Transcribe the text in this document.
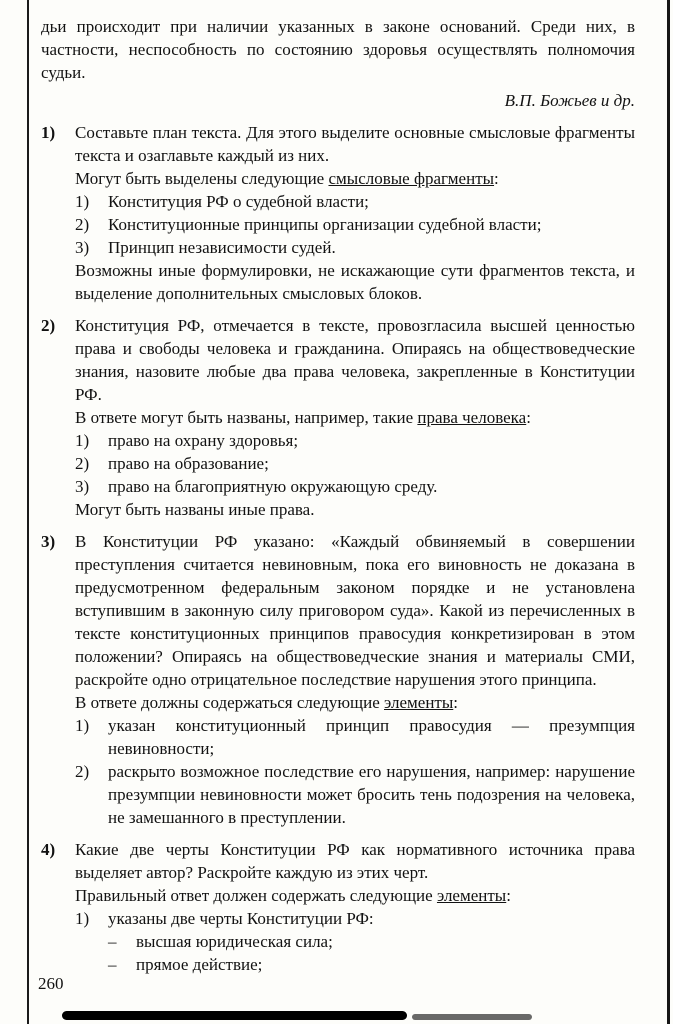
дьи происходит при наличии указанных в законе оснований. Среди них, в частности, неспособность по состоянию здоровья осуществлять полномочия судьи.

В.П. Божьев и др.

1)	Составьте план текста. Для этого выделите основные смысловые фрагменты текста и озаглавьте каждый из них.

Могут быть выделены следующие смысловые фрагменты:

1)	Конституция РФ о судебной власти;
2)	Конституционные принципы организации судебной власти;
3)	Принцип независимости судей.

Возможны иные формулировки, не искажающие сути фрагментов текста, и выделение дополнительных смысловых блоков.

2)	Конституция РФ, отмечается в тексте, провозгласила высшей ценностью права и свободы человека и гражданина. Опираясь на обществоведческие знания, назовите любые два права человека, закрепленные в Конституции РФ.

В ответе могут быть названы, например, такие права человека:

1)	право на охрану здоровья;
2)	право на образование;
3)	право на благоприятную окружающую среду.

Могут быть названы иные права.

3)	В Конституции РФ указано: «Каждый обвиняемый в совершении преступления считается невиновным, пока его виновность не доказана в предусмотренном федеральным законом порядке и не установлена вступившим в законную силу приговором суда». Какой из перечисленных в тексте конституционных принципов правосудия конкретизирован в этом положении? Опираясь на обществоведческие знания и материалы СМИ, раскройте одно отрицательное последствие нарушения этого принципа.

В ответе должны содержаться следующие элементы:

1)	указан конституционный принцип правосудия — презумпция невиновности;
2)	раскрыто возможное последствие его нарушения, например: нарушение презумпции невиновности может бросить тень подозрения на человека, не замешанного в преступлении.
4)	Какие две черты Конституции РФ как нормативного источника права выделяет автор? Раскройте каждую из этих черт.

Правильный ответ должен содержать следующие элементы:

1)	указаны две черты Конституции РФ:
–	высшая юридическая сила;
–	прямое действие;
260
